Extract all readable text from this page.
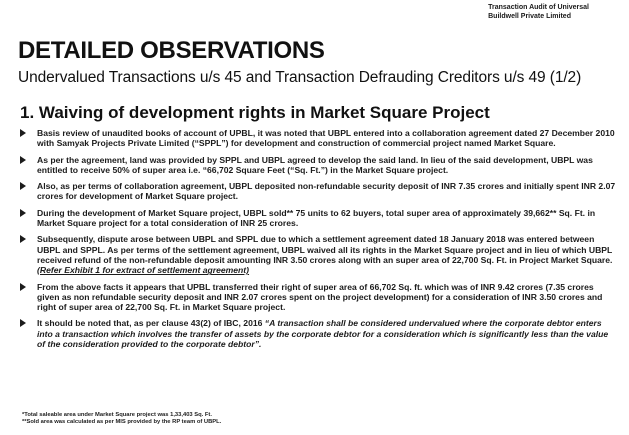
Transaction Audit of Universal
Buildwell Private Limited
DETAILED OBSERVATIONS
Undervalued Transactions u/s 45 and Transaction Defrauding Creditors u/s 49 (1/2)
1. Waiving of development rights in Market Square Project
Basis review of unaudited books of account of UPBL, it was noted that UBPL entered into a collaboration agreement dated 27 December 2010 with Samyak Projects Private Limited (“SPPL”) for development and construction of commercial project named Market Square.
As per the agreement, land was provided by SPPL and UBPL agreed to develop the said land. In lieu of the said development, UBPL was entitled to receive 50% of super area i.e. “66,702 Square Feet (“Sq. Ft.”) in the Market Square project.
Also, as per terms of collaboration agreement, UBPL deposited non-refundable security deposit of INR 7.35 crores and initially spent INR 2.07 crores for development of Market Square project.
During the development of Market Square project, UBPL sold** 75 units to 62 buyers, total super area of approximately 39,662** Sq. Ft. in Market Square project for a total consideration of INR 25 crores.
Subsequently, dispute arose between UBPL and SPPL due to which a settlement agreement dated 18 January 2018 was entered between UBPL and SPPL. As per terms of the settlement agreement, UBPL waived all its rights in the Market Square project and in lieu of which UBPL received refund of the non-refundable deposit amounting INR 3.50 crores along with an super area of 22,700 Sq. Ft. in Project Market Square. (Refer Exhibit 1 for extract of settlement agreement)
From the above facts it appears that UPBL transferred their right of super area of 66,702 Sq. ft. which was of INR 9.42 crores (7.35 crores given as non refundable security deposit and INR 2.07 crores spent on the project development) for a consideration of INR 3.50 crores and right of super area of 22,700 Sq. Ft. in Market Square project.
It should be noted that, as per clause 43(2) of IBC, 2016 “A transaction shall be considered undervalued where the corporate debtor enters into a transaction which involves the transfer of assets by the corporate debtor for a consideration which is significantly less than the value of the consideration provided to the corporate debtor”.
*Total saleable area under Market Square project was 1,33,403 Sq. Ft.
**Sold area was calculated as per MIS provided by the RP team of UBPL.
